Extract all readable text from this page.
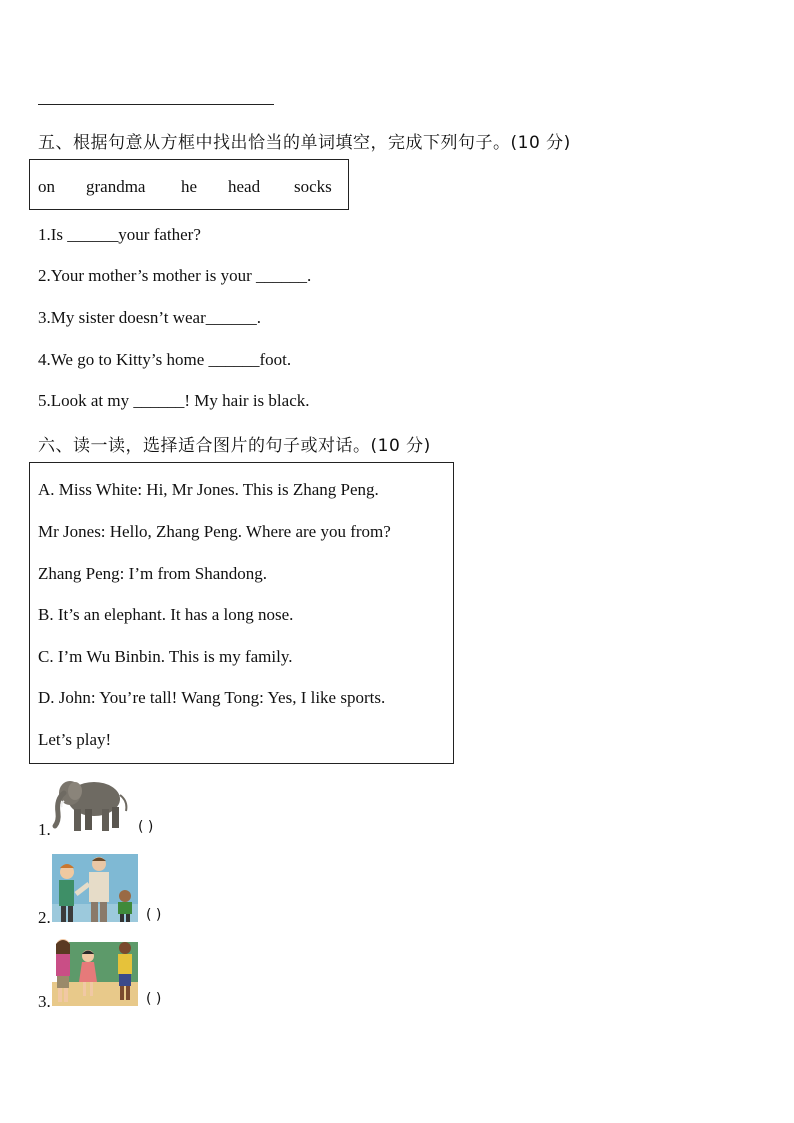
五、根据句意从方框中找出恰当的单词填空，完成下列句子。(10 分)
on grandma he head socks
1.Is ______your father?
2.Your mother’s mother is your ______.
3.My sister doesn’t wear______.
4.We go to Kitty’s home ______foot.
5.Look at my ______! My hair is black.
六、读一读，选择适合图片的句子或对话。(10 分)
A. Miss White: Hi, Mr Jones. This is Zhang Peng.
Mr Jones: Hello, Zhang Peng. Where are you from?
Zhang Peng: I’m from Shandong.
B. It’s an elephant. It has a long nose.
C. I’m Wu Binbin. This is my family.
D. John: You’re tall! Wang Tong: Yes, I like sports.
Let’s play!
1.	( )
2.	( )
3.	( )
